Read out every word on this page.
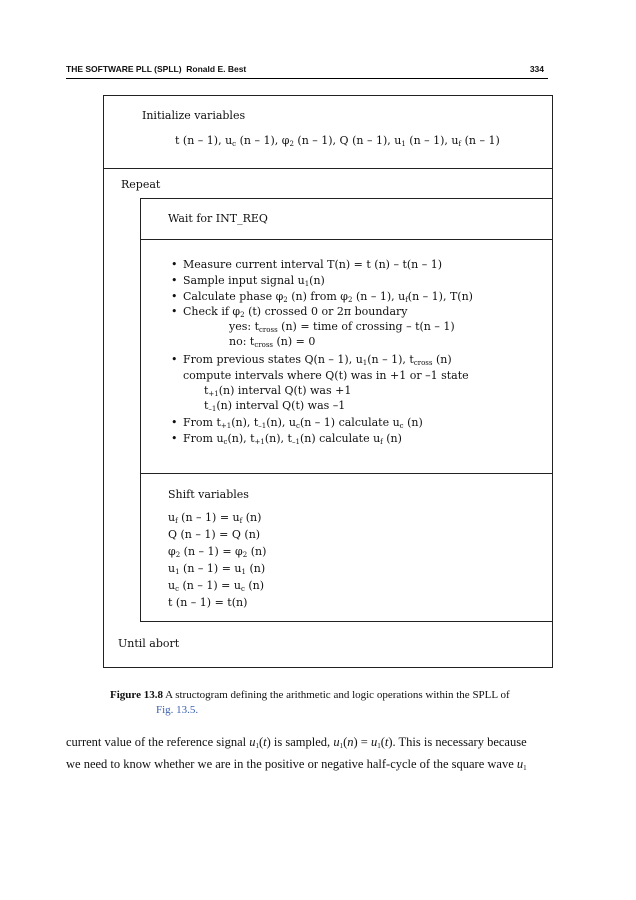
THE SOFTWARE PLL (SPLL) Ronald E. Best	334
Initialize variables
t (n – 1), $u_c$ (n – 1), $\varphi_2$ (n – 1), Q (n – 1), $u_1$ (n – 1), $u_f$ (n – 1)
Repeat
Wait for INT_REQ
• Measure current interval T(n) = t (n) – t(n – 1)
• Sample input signal $u_1(n)$
• Calculate phase $\varphi_2$ (n) from $\varphi_2$ (n – 1), $u_f(n - 1)$, T(n)
• Check if $\varphi_2$ (t) crossed 0 or 2π boundary
yes: $t_{cross}$ (n) = time of crossing – t(n – 1)
no: $t_{cross}$ (n) = 0
• From previous states Q(n – 1), $u_1(n - 1)$, $t_{cross}$ (n)
compute intervals where Q(t) was in +1 or –1 state
$t_{+1}(n)$ interval Q(t) was +1
$t_{-1}(n)$ interval Q(t) was –1
• From $t_{+1}(n)$, $t_{-1}(n)$, $u_c(n - 1)$ calculate $u_c$ (n)
• From $u_c(n)$, $t_{+1}(n)$, $t_{-1}(n)$ calculate $u_f$ (n)
Shift variables
$u_f$ $(n - 1) = u_f$ (n)
Q (n – 1) = Q (n)
$\varphi_2$ $(n - 1) = \varphi_2$ (n)
$u_1$ $(n - 1) = u_1$ (n)
$u_c$ $(n - 1) = u_c$ (n)
t (n – 1) = t(n)
Until abort
Figure 13.8 A structogram defining the arithmetic and logic operations within the SPLL of
Fig. 13.5.
current value of the reference signal $u_1(t)$ is sampled, $u_1(n) = u_1(t)$. This is necessary because
we need to know whether we are in the positive or negative half-cycle of the square wave $u_1$
